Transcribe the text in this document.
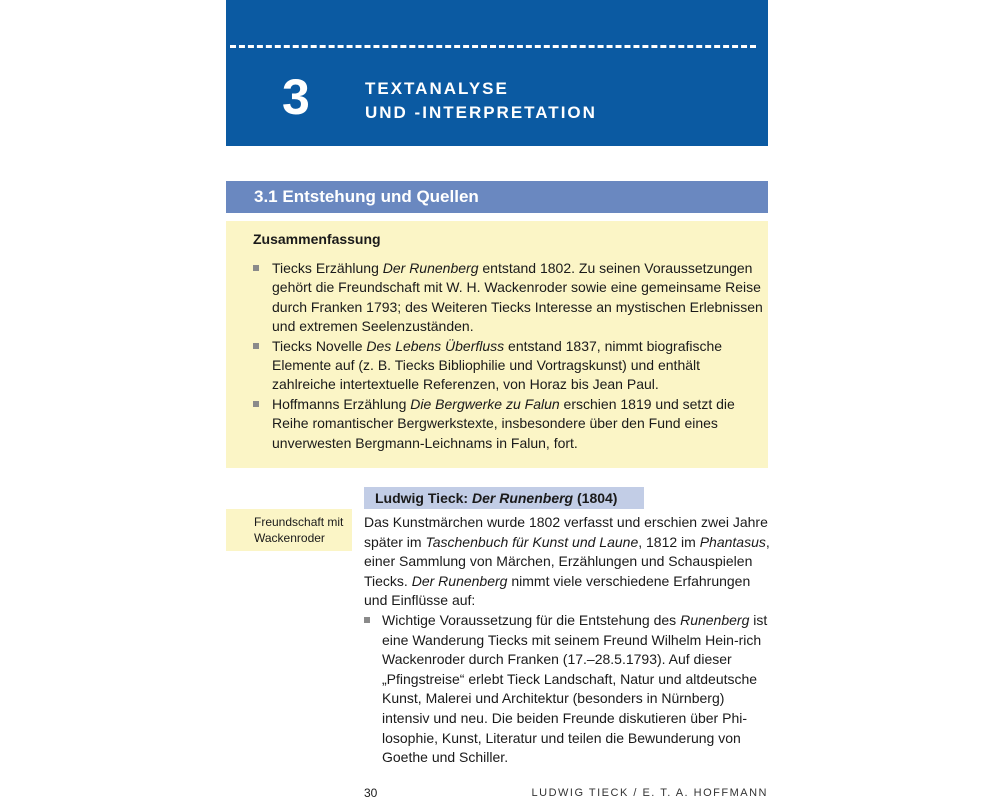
3	TEXTANALYSE
UND -INTERPRETATION
3.1 Entstehung und Quellen
Zusammenfassung
Tiecks Erzählung Der Runenberg entstand 1802. Zu seinen Voraussetzungen gehört die Freundschaft mit W. H. Wackenroder sowie eine gemeinsame Reise durch Franken 1793; des Weiteren Tiecks Interesse an mystischen Erlebnissen und extremen Seelenzuständen.
Tiecks Novelle Des Lebens Überfluss entstand 1837, nimmt biografische Elemente auf (z. B. Tiecks Bibliophilie und Vortragskunst) und enthält zahlreiche intertextuelle Referenzen, von Horaz bis Jean Paul.
Hoffmanns Erzählung Die Bergwerke zu Falun erschien 1819 und setzt die Reihe romantischer Bergwerkstexte, insbesondere über den Fund eines unverwesten Bergmann-Leichnams in Falun, fort.
Ludwig Tieck: Der Runenberg (1804)
Freundschaft mit Wackenroder

Das Kunstmärchen wurde 1802 verfasst und erschien zwei Jahre später im Taschenbuch für Kunst und Laune, 1812 im Phantasus, einer Sammlung von Märchen, Erzählungen und Schauspielen Tiecks. Der Runenberg nimmt viele verschiedene Erfahrungen und Einflüsse auf:

Wichtige Voraussetzung für die Entstehung des Runenberg ist eine Wanderung Tiecks mit seinem Freund Wilhelm Hein-rich Wackenroder durch Franken (17.–28.5.1793). Auf dieser „Pfingstreise“ erlebt Tieck Landschaft, Natur und altdeutsche Kunst, Malerei und Architektur (besonders in Nürnberg) intensiv und neu. Die beiden Freunde diskutieren über Phi-losophie, Kunst, Literatur und teilen die Bewunderung von Goethe und Schiller.
30	LUDWIG TIECK / E. T. A. HOFFMANN
